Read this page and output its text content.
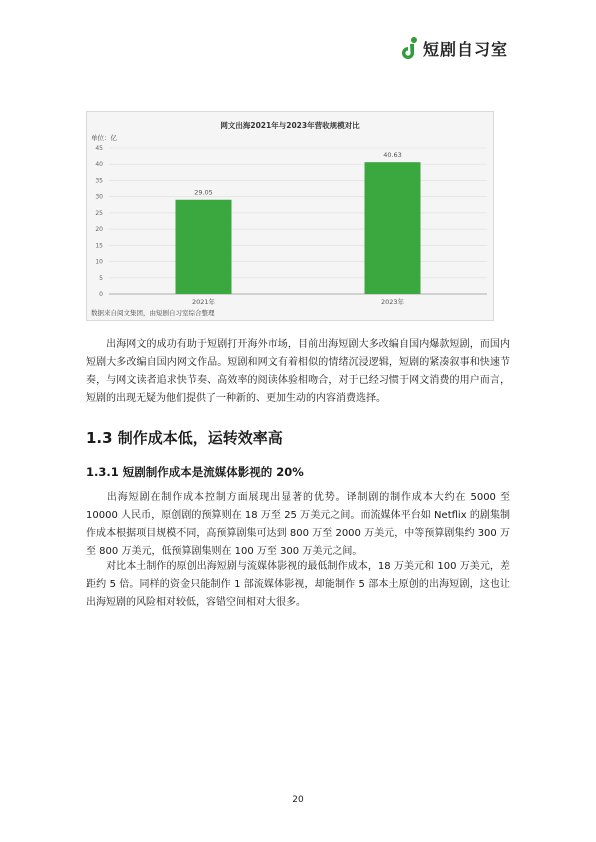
短剧自习室
网文出海2021年与2023年营收规模对比
单位：亿
0
5
10
15
20
25
30
35
40
45
29.05
2021年
40.63
2023年
数据来自阅文集团，由短剧自习室综合整理

出海网文的成功有助于短剧打开海外市场，目前出海短剧大多改编自国内爆款短剧，而国内短剧大多改编自国内网文作品。短剧和网文有着相似的情绪沉浸逻辑，短剧的紧凑叙事和快速节奏，与网文读者追求快节奏、高效率的阅读体验相吻合，对于已经习惯于网文消费的用户而言，短剧的出现无疑为他们提供了一种新的、更加生动的内容消费选择。

1.3 制作成本低，运转效率高
1.3.1 短剧制作成本是流媒体影视的 20%

出海短剧在制作成本控制方面展现出显著的优势。译制剧的制作成本大约在 5000 至 10000 人民币，原创剧的预算则在 18 万至 25 万美元之间。而流媒体平台如 Netflix 的剧集制作成本根据项目规模不同，高预算剧集可达到 800 万至 2000 万美元，中等预算剧集约 300 万至 800 万美元，低预算剧集则在 100 万至 300 万美元之间。

对比本土制作的原创出海短剧与流媒体影视的最低制作成本，18 万美元和 100 万美元，差距约 5 倍。同样的资金只能制作 1 部流媒体影视，却能制作 5 部本土原创的出海短剧，这也让出海短剧的风险相对较低，容错空间相对大很多。

20
